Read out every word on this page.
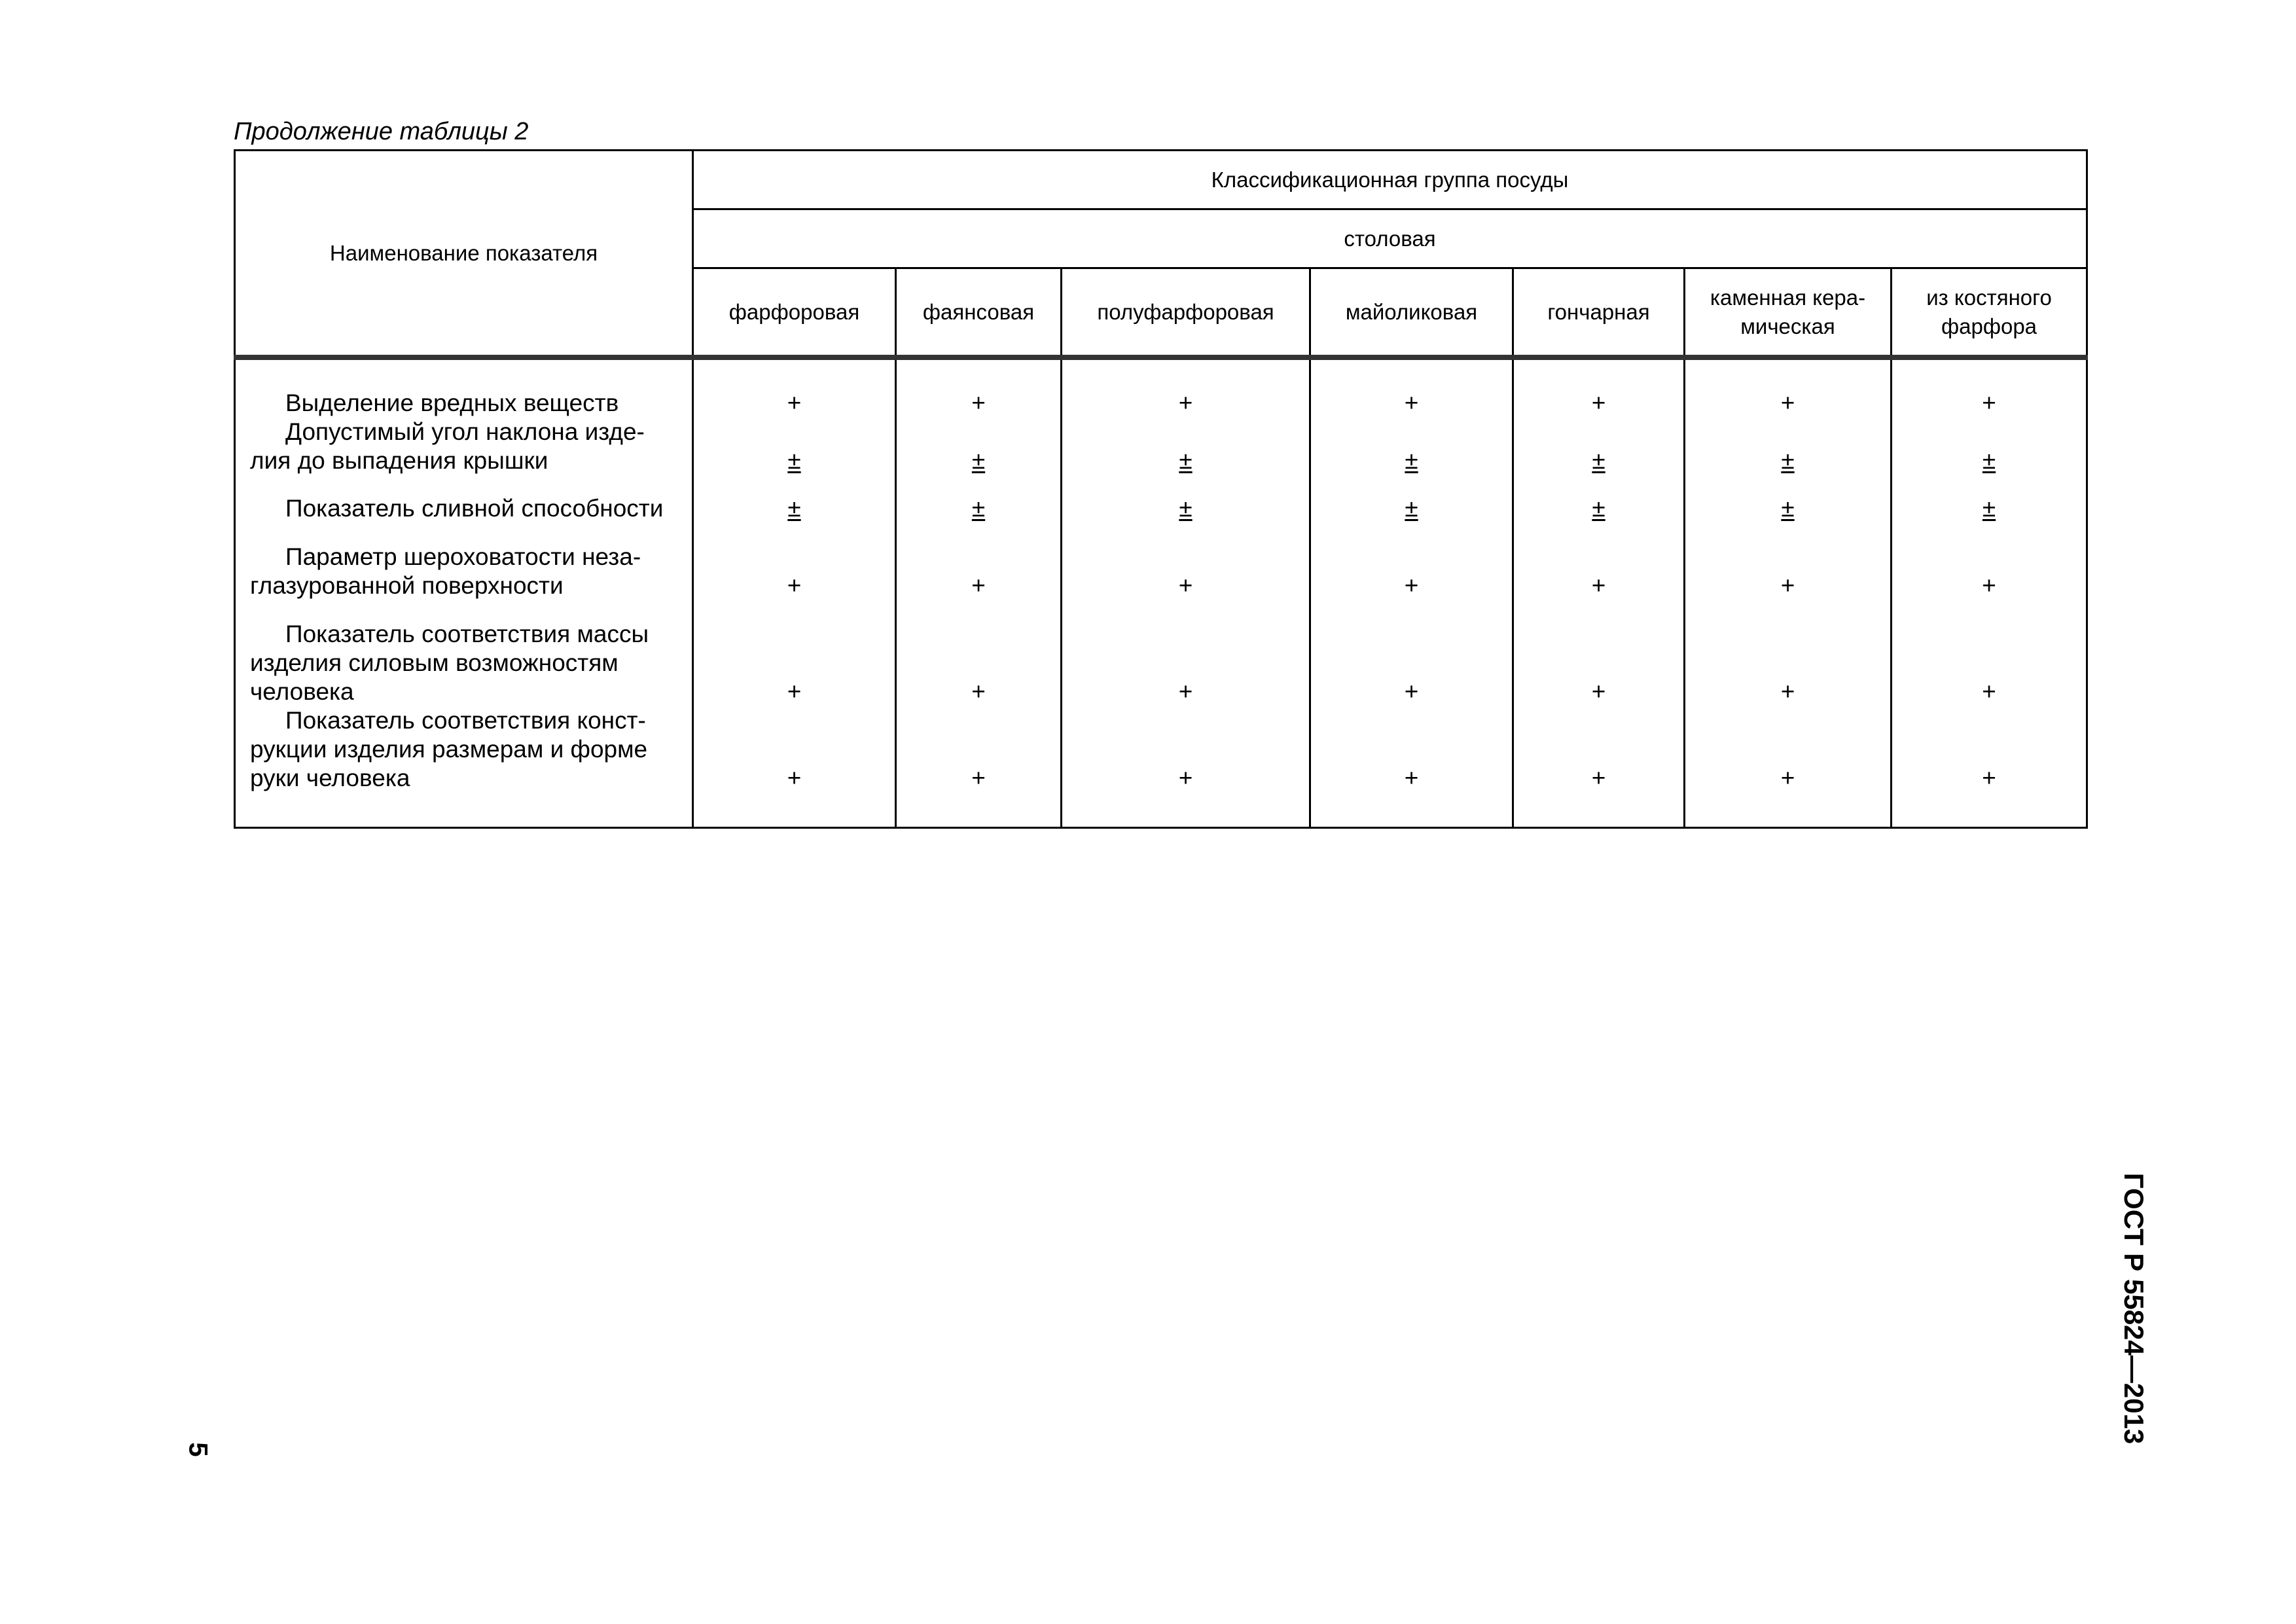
Продолжение таблицы 2
Наименование показателя	Классификационная группа посуды						
	столовая						
	фарфоровая	фаянсовая	полуфарфоровая	майоликовая	гончарная	каменная кера-мическая	из костяного фарфора

Выделение вредных веществ	+	+	+	+	+	+	+

Допустимый угол наклона изде-лия до выпадения крышки	±	±	±	±	±	±	±

Показатель сливной способности	±	±	±	±	±	±	±

Параметр шероховатости неза-глазурованной поверхности	+	+	+	+	+	+	+

Показатель соответствия массы изделия силовым возможностям человека	+	+	+	+	+	+	+

Показатель соответствия конст-рукции изделия размерам и форме руки человека	+	+	+	+	+	+	+
5
ГОСТ Р 55824—2013
